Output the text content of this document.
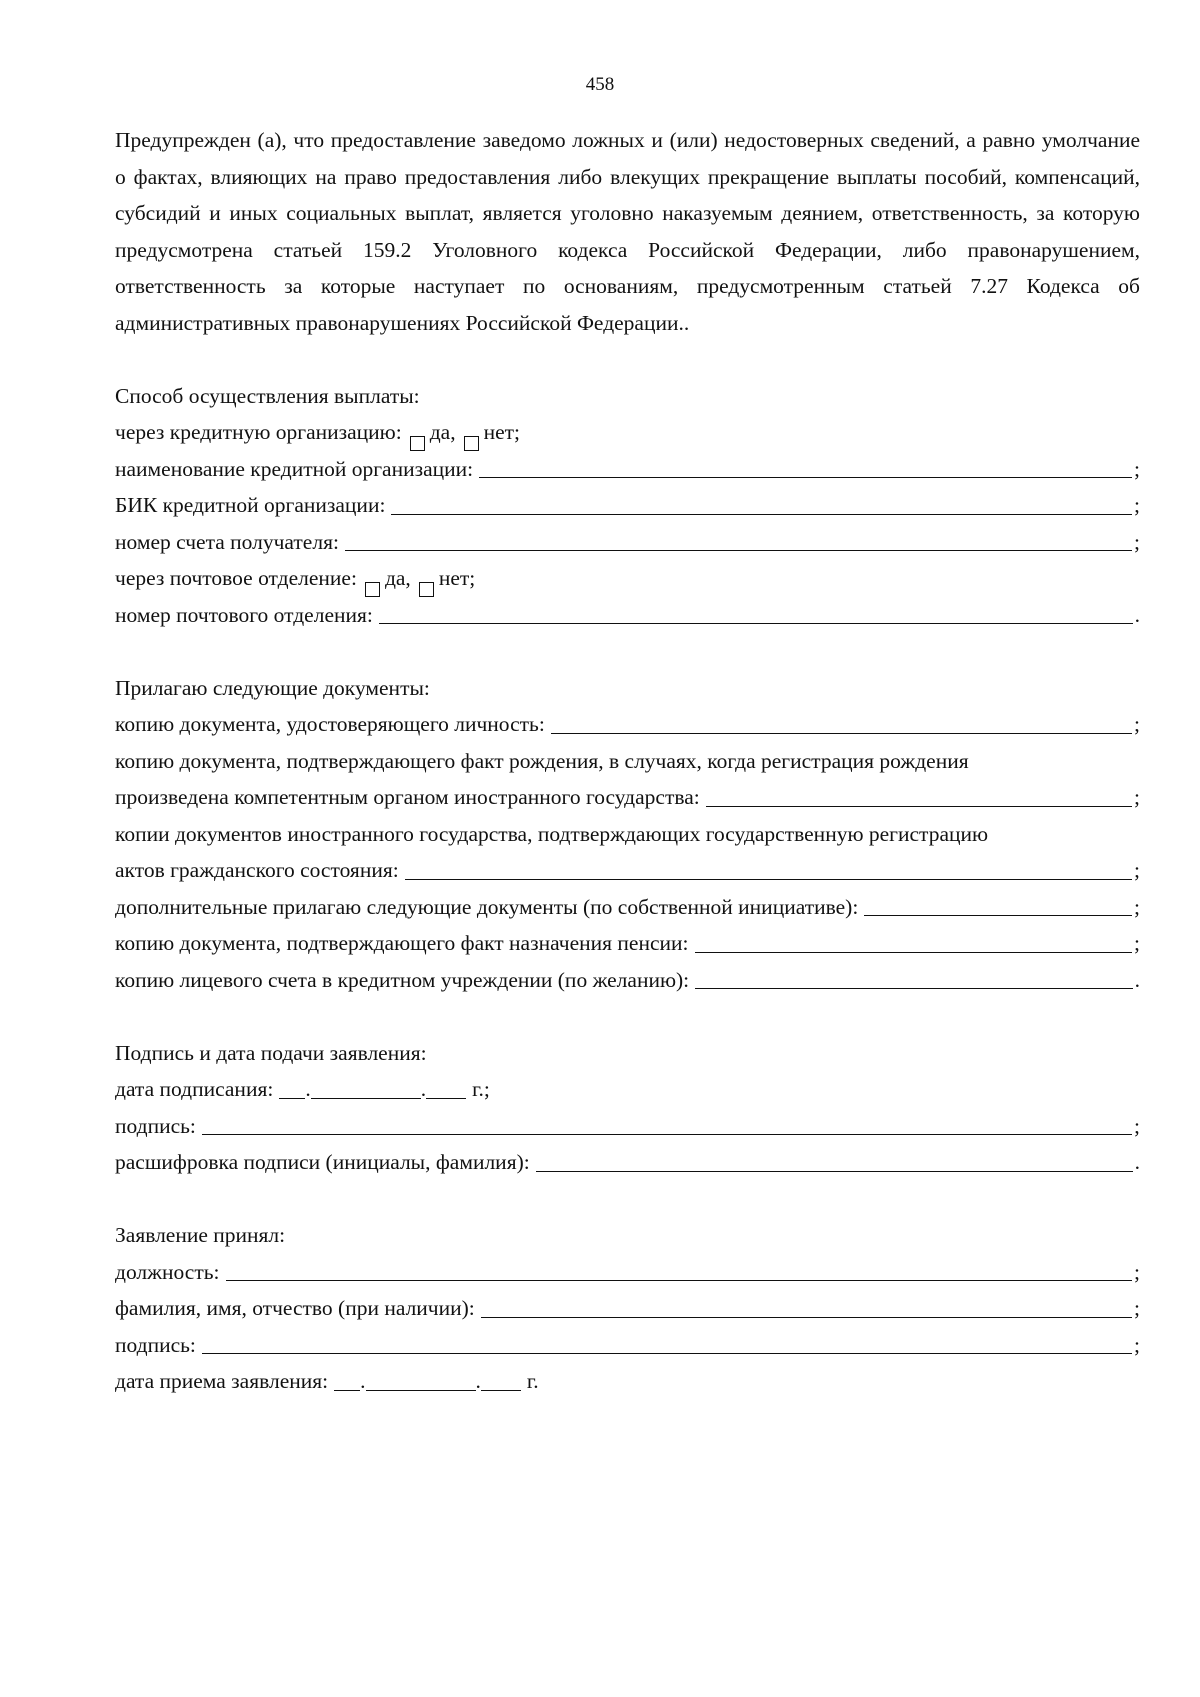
458

Предупрежден (а), что предоставление заведомо ложных и (или) недостоверных сведений, а равно умолчание о фактах, влияющих на право предоставления либо влекущих прекращение выплаты пособий, компенсаций, субсидий и иных социальных выплат, является уголовно наказуемым деянием, ответственность, за которую предусмотрена статьей 159.2 Уголовного кодекса Российской Федерации, либо правонарушением, ответственность за которые наступает по основаниям, предусмотренным статьей 7.27 Кодекса об административных правонарушениях Российской Федерации..

Способ осуществления выплаты:
через кредитную организацию: да, нет;
наименование кредитной организации:	;
БИК кредитной организации:	;
номер счета получателя:	;
через почтовое отделение: да, нет;
номер почтового отделения:	.
Прилагаю следующие документы:
копию документа, удостоверяющего личность:	;
копию документа, подтверждающего факт рождения, в случаях, когда регистрация рождения
произведена компетентным органом иностранного государства:	;
копии документов иностранного государства, подтверждающих государственную регистрацию
актов гражданского состояния:	;
дополнительные прилагаю следующие документы (по собственной инициативе):	;
копию документа, подтверждающего факт назначения пенсии:	;
копию лицевого счета в кредитном учреждении (по желанию):	.
Подпись и дата подачи заявления:
дата подписания: .	. г.;
подпись:	;
расшифровка подписи (инициалы, фамилия):	.
Заявление принял:
должность:	;
фамилия, имя, отчество (при наличии):	;
подпись:	;
дата приема заявления: .	. г.
